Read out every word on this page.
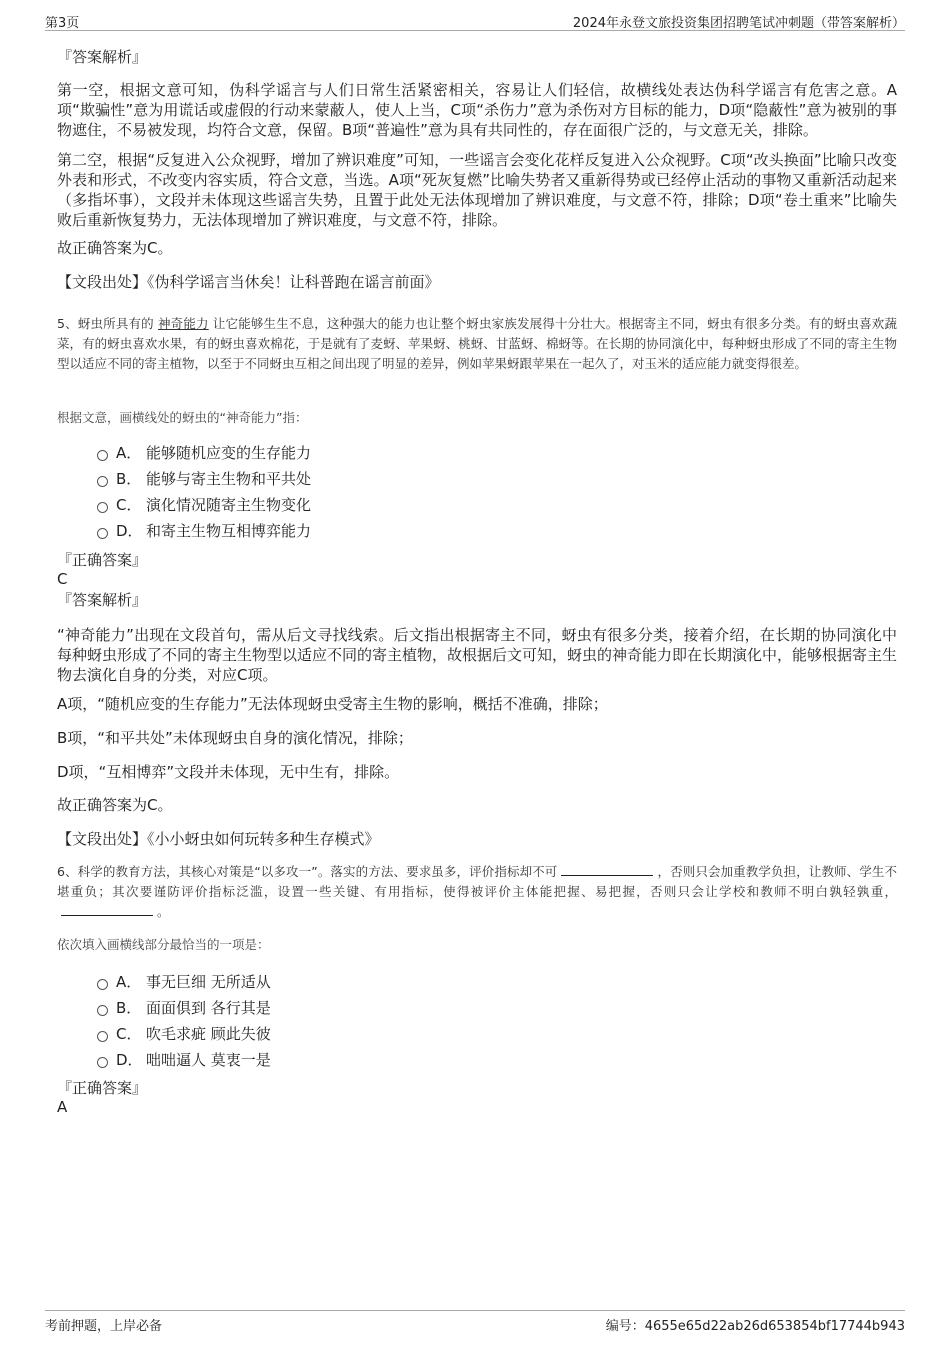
第3页	2024年永登文旅投资集团招聘笔试冲刺题（带答案解析）
『答案解析』

第一空，根据文意可知，伪科学谣言与人们日常生活紧密相关，容易让人们轻信，故横线处表达伪科学谣言有危害之意。A项“欺骗性”意为用谎话或虚假的行动来蒙蔽人，使人上当，C项“杀伤力”意为杀伤对方目标的能力，D项“隐蔽性”意为被别的事物遮住，不易被发现，均符合文意，保留。B项“普遍性”意为具有共同性的，存在面很广泛的，与文意无关，排除。

第二空，根据“反复进入公众视野，增加了辨识难度”可知，一些谣言会变化花样反复进入公众视野。C项“改头换面”比喻只改变外表和形式，不改变内容实质，符合文意，当选。A项“死灰复燃”比喻失势者又重新得势或已经停止活动的事物又重新活动起来（多指坏事），文段并未体现这些谣言失势，且置于此处无法体现增加了辨识难度，与文意不符，排除；D项“卷土重来”比喻失败后重新恢复势力，无法体现增加了辨识难度，与文意不符，排除。

故正确答案为C。

【文段出处】《伪科学谣言当休矣！让科普跑在谣言前面》

5、蚜虫所具有的 神奇能力 让它能够生生不息，这种强大的能力也让整个蚜虫家族发展得十分壮大。根据寄主不同，蚜虫有很多分类。有的蚜虫喜欢蔬菜，有的蚜虫喜欢水果，有的蚜虫喜欢棉花，于是就有了麦蚜、苹果蚜、桃蚜、甘蓝蚜、棉蚜等。在长期的协同演化中，每种蚜虫形成了不同的寄主生物型以适应不同的寄主植物，以至于不同蚜虫互相之间出现了明显的差异，例如苹果蚜跟苹果在一起久了，对玉米的适应能力就变得很差。

根据文意，画横线处的蚜虫的“神奇能力”指：
A． 能够随机应变的生存能力
B． 能够与寄主生物和平共处
C． 演化情况随寄主生物变化
D． 和寄主生物互相博弈能力
『正确答案』
C
『答案解析』

“神奇能力”出现在文段首句，需从后文寻找线索。后文指出根据寄主不同，蚜虫有很多分类，接着介绍，在长期的协同演化中每种蚜虫形成了不同的寄主生物型以适应不同的寄主植物，故根据后文可知，蚜虫的神奇能力即在长期演化中，能够根据寄主生物去演化自身的分类，对应C项。

A项，“随机应变的生存能力”无法体现蚜虫受寄主生物的影响，概括不准确，排除；

B项，“和平共处”未体现蚜虫自身的演化情况，排除；

D项，“互相博弈”文段并未体现，无中生有，排除。

故正确答案为C。

【文段出处】《小小蚜虫如何玩转多种生存模式》

6、科学的教育方法，其核心对策是“以多攻一”。落实的方法、要求虽多，评价指标却不可	，否则只会加重教学负担，让教师、学生不堪重负；其次要谨防评价指标泛滥，设置一些关键、有用指标，使得被评价主体能把握、易把握，否则只会让学校和教师不明白孰轻孰重，。

依次填入画横线部分最恰当的一项是：
A． 事无巨细 无所适从
B． 面面俱到 各行其是
C． 吹毛求疵 顾此失彼
D． 咄咄逼人 莫衷一是
『正确答案』
A
考前押题，上岸必备	编号：4655e65d22ab26d653854bf17744b943
